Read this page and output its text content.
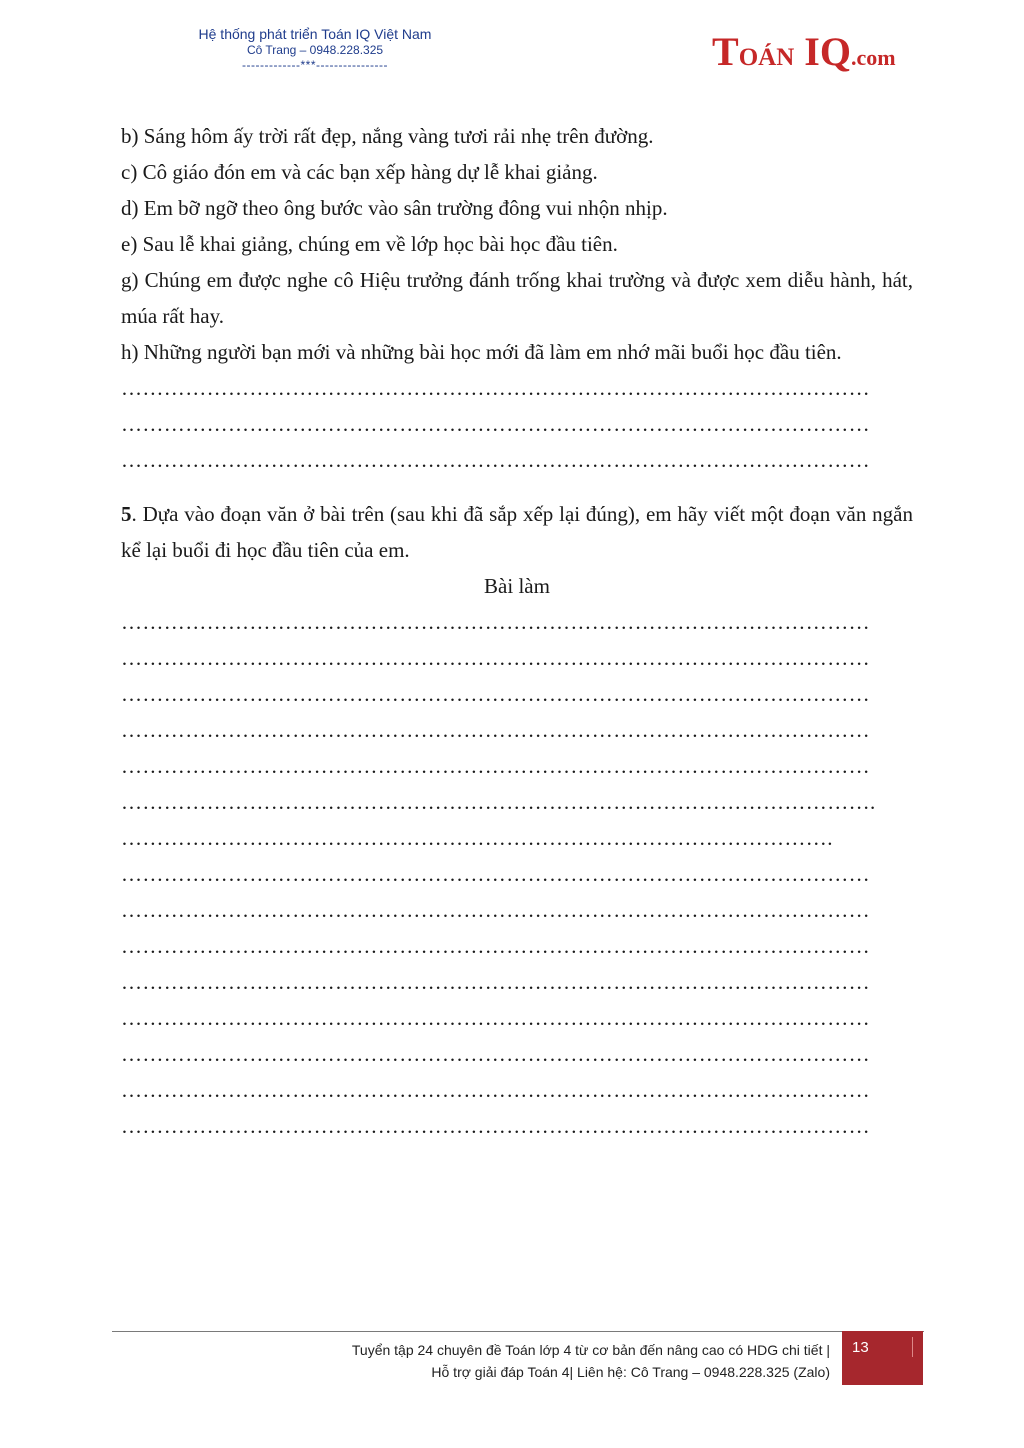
Hệ thống phát triển Toán IQ Việt Nam
Cô Trang – 0948.228.325
-------------***----------------	TOÁN IQ.com

b) Sáng hôm ấy trời rất đẹp, nắng vàng tươi rải nhẹ trên đường.

c) Cô giáo đón em và các bạn xếp hàng dự lễ khai giảng.

d) Em bỡ ngỡ theo ông bước vào sân trường đông vui nhộn nhịp.

e) Sau lễ khai giảng, chúng em về lớp học bài học đầu tiên.

g) Chúng em được nghe cô Hiệu trưởng đánh trống khai trường và được xem diễu hành, hát, múa rất hay.

h) Những người bạn mới và những bài học mới đã làm em nhớ mãi buổi học đầu tiên.

……………………………………………………………………………………………

……………………………………………………………………………………………

……………………………………………………………………………………………

5. Dựa vào đoạn văn ở bài trên (sau khi đã sắp xếp lại đúng), em hãy viết một đoạn văn ngắn kể lại buổi đi học đầu tiên của em.

Bài làm

……………………………………………………………………………………………

……………………………………………………………………………………………

……………………………………………………………………………………………

……………………………………………………………………………………………

……………………………………………………………………………………………

…………………………………………………………………………………………….

……………………………………………………………………………………….

……………………………………………………………………………………………

……………………………………………………………………………………………

……………………………………………………………………………………………

……………………………………………………………………………………………

……………………………………………………………………………………………

……………………………………………………………………………………………

……………………………………………………………………………………………

……………………………………………………………………………………………

Tuyển tập 24 chuyên đề Toán lớp 4 từ cơ bản đến nâng cao có HDG chi tiết |
Hỗ trợ giải đáp Toán 4| Liên hệ: Cô Trang – 0948.228.325 (Zalo)
13
